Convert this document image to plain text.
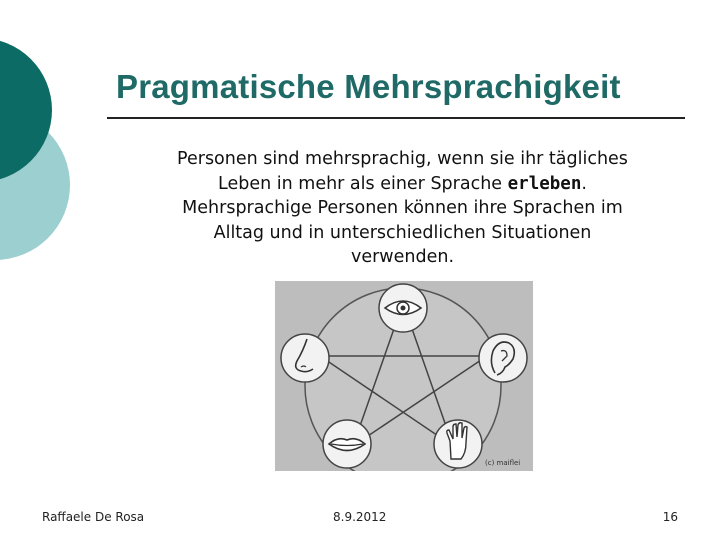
Pragmatische Mehrsprachigkeit
Personen sind mehrsprachig, wenn sie ihr tägliches
Leben in mehr als einer Sprache erleben.
Mehrsprachige Personen können ihre Sprachen im
Alltag und in unterschiedlichen Situationen
verwenden.
(c) maiflei
Raffaele De Rosa	8.9.2012	16
